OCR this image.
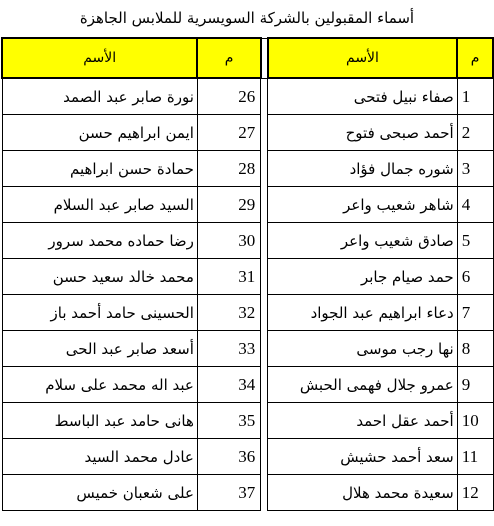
أسماء المقبولين بالشركة السويسرية للملابس الجاهزة
م	الأسم		م	الأسم
1	صفاء نبيل فتحى		26	نورة صابر عبد الصمد
2	أحمد صبحى فتوح		27	ايمن ابراهيم حسن
3	شوره جمال فؤاد		28	حمادة حسن ابراهيم
4	شاهر شعيب واعر		29	السيد صابر عبد السلام
5	صادق شعيب واعر		30	رضا حماده محمد سرور
6	حمد صيام جابر		31	محمد خالد سعيد حسن
7	دعاء ابراهيم عبد الجواد		32	الحسينى حامد أحمد باز
8	نها رجب موسى		33	أسعد صابر عبد الحى
9	عمرو جلال فهمى الحبش		34	عبد اله محمد على سلام
10	أحمد عقل احمد		35	هانى حامد عبد الباسط
11	سعد أحمد حشيش		36	عادل محمد السيد
12	سعيدة محمد هلال		37	على شعبان خميس
